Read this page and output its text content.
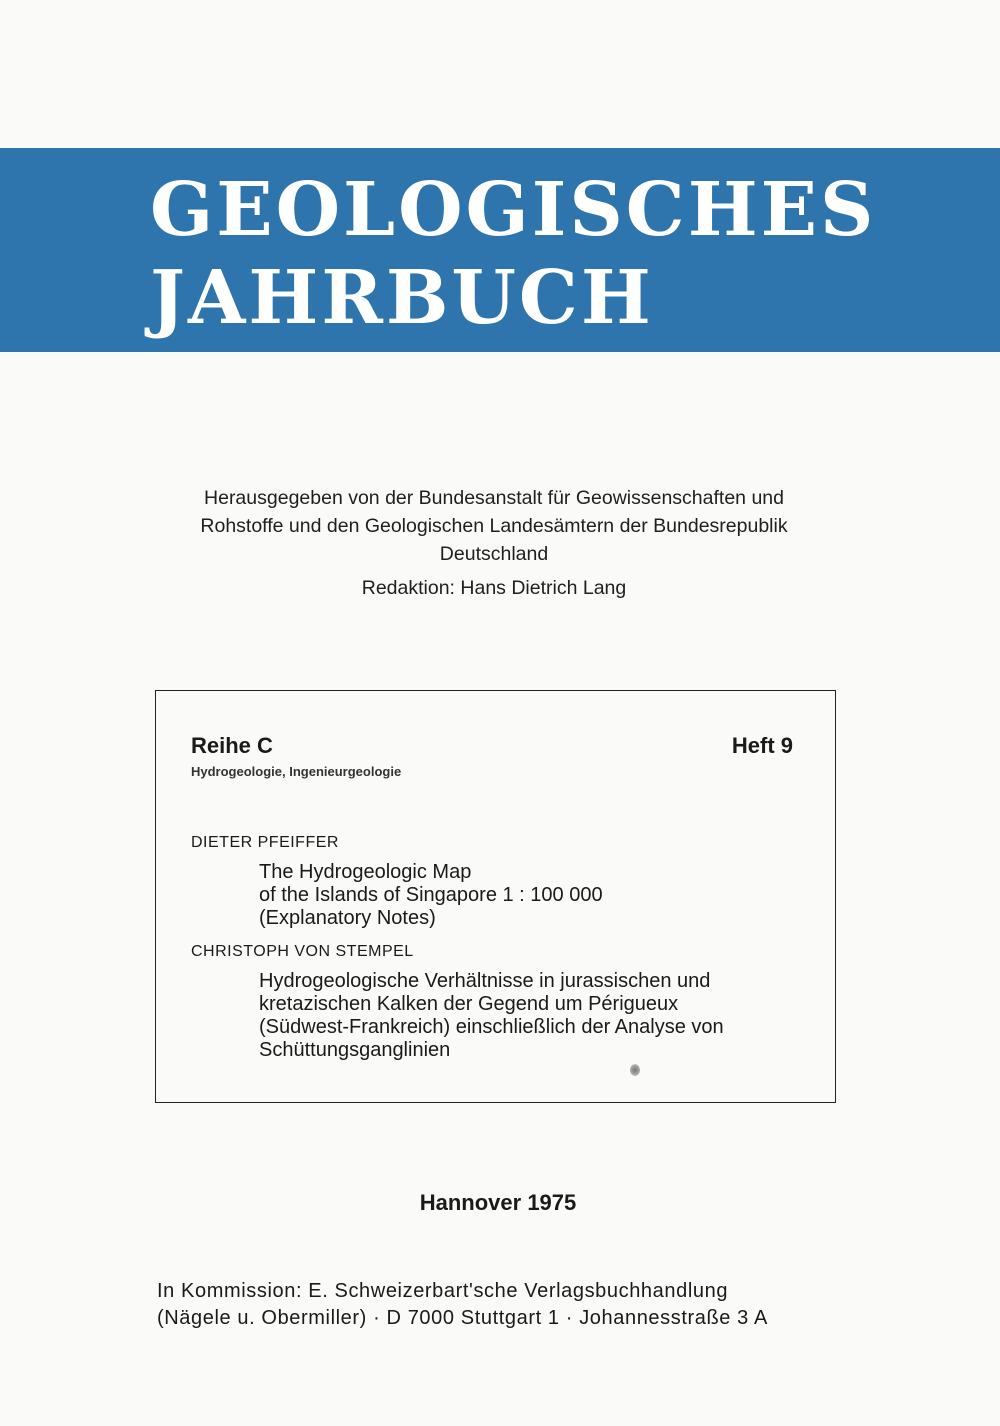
GEOLOGISCHES
JAHRBUCH
Herausgegeben von der Bundesanstalt für Geowissenschaften und
Rohstoffe und den Geologischen Landesämtern der Bundesrepublik
Deutschland
Redaktion: Hans Dietrich Lang
Reihe C
Hydrogeologie, Ingenieurgeologie
Heft 9
DIETER PFEIFFER
The Hydrogeologic Map
of the Islands of Singapore 1 : 100 000
(Explanatory Notes)
CHRISTOPH VON STEMPEL
Hydrogeologische Verhältnisse in jurassischen und
kretazischen Kalken der Gegend um Périgueux
(Südwest-Frankreich) einschließlich der Analyse von
Schüttungsganglinien
Hannover 1975
In Kommission: E. Schweizerbart'sche Verlagsbuchhandlung
(Nägele u. Obermiller) · D 7000 Stuttgart 1 · Johannesstraße 3 A
